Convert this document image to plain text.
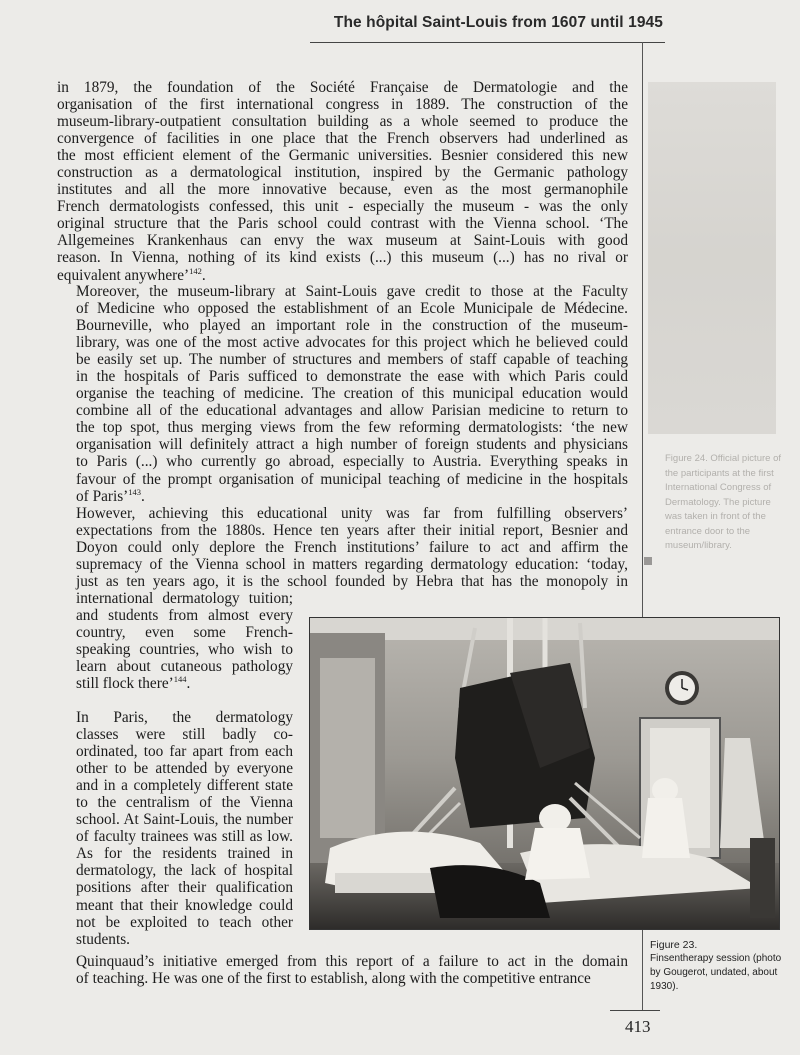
The hôpital Saint-Louis from 1607 until 1945
Figure 24. Official picture of the participants at the first International Congress of Dermatology. The picture was taken in front of the entrance door to the museum/library.
in 1879, the foundation of the Société Française de Dermatologie and the
organisation of the first international congress in 1889. The construction of the
museum-library-outpatient consultation building as a whole seemed to produce the
convergence of facilities in one place that the French observers had underlined as
the most efficient element of the Germanic universities. Besnier considered this new
construction as a dermatological institution, inspired by the Germanic pathology
institutes and all the more innovative because, even as the most germanophile
French dermatologists confessed, this unit - especially the museum - was the only
original structure that the Paris school could contrast with the Vienna school. ‘The
Allgemeines Krankenhaus can envy the wax museum at Saint-Louis with good
reason. In Vienna, nothing of its kind exists (...) this museum (...) has no rival or
equivalent anywhere’$^{142}$.
Moreover, the museum-library at Saint-Louis gave credit to those at the Faculty
of Medicine who opposed the establishment of an Ecole Municipale de Médecine.
Bourneville, who played an important role in the construction of the museum-
library, was one of the most active advocates for this project which he believed could
be easily set up. The number of structures and members of staff capable of teaching
in the hospitals of Paris sufficed to demonstrate the ease with which Paris could
organise the teaching of medicine. The creation of this municipal education would
combine all of the educational advantages and allow Parisian medicine to return to
the top spot, thus merging views from the few reforming dermatologists: ‘the new
organisation will definitely attract a high number of foreign students and physicians
to Paris (...) who currently go abroad, especially to Austria. Everything speaks in
favour of the prompt organisation of municipal teaching of medicine in the hospitals
of Paris’$^{143}$.
However, achieving this educational unity was far from fulfilling observers’
expectations from the 1880s. Hence ten years after their initial report, Besnier and
Doyon could only deplore the French institutions’ failure to act and affirm the
supremacy of the Vienna school in matters regarding dermatology education: ‘today,
just as ten years ago, it is the school founded by Hebra that has the monopoly in
international dermatology tuition;
and students from almost every
country, even some French-
speaking countries, who wish to
learn about cutaneous pathology
still flock there’$^{144}$.
In Paris, the dermatology
classes were still badly co-
ordinated, too far apart from each
other to be attended by everyone
and in a completely different state
to the centralism of the Vienna
school. At Saint-Louis, the number
of faculty trainees was still as low.
As for the residents trained in
dermatology, the lack of hospital
positions after their qualification
meant that their knowledge could
not be exploited to teach other
students.
Quinquaud’s initiative emerged from this report of a failure to act in the domain
of teaching. He was one of the first to establish, along with the competitive entrance
Figure 23.
Finsentherapy session (photo by Gougerot, undated, about 1930).
413
